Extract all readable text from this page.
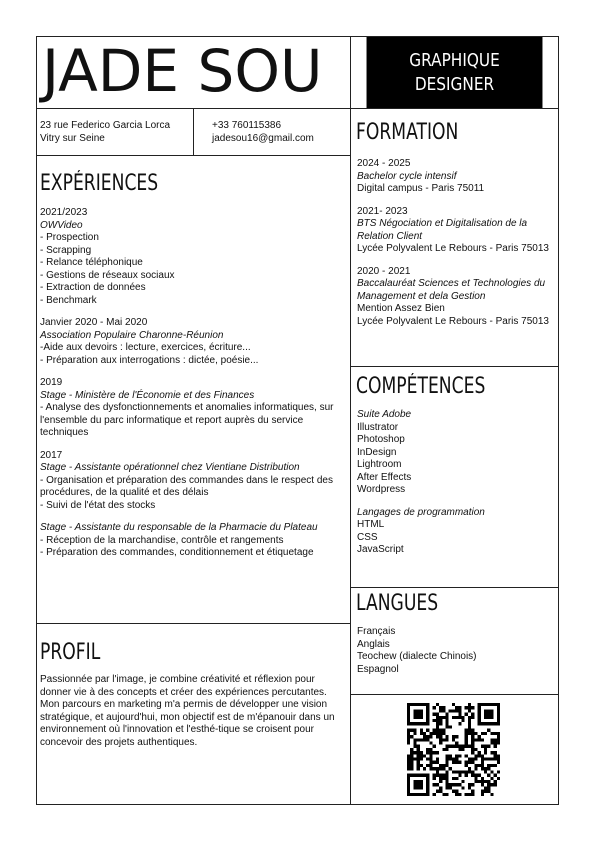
JADE SOU	GRAPHIQUE
DESIGNER
23 rue Federico Garcia Lorca
Vitry sur Seine
+33 760115386
jadesou16@gmail.com
EXPÉRIENCES

2021/2023

OWVideo

- Prospection

- Scrapping

- Relance téléphonique

- Gestions de réseaux sociaux

- Extraction de données

- Benchmark

Janvier 2020 - Mai 2020

Association Populaire Charonne-Réunion

-Aide aux devoirs : lecture, exercices, écriture...

- Préparation aux interrogations : dictée, poésie...

2019

Stage - Ministère de l'Économie et des Finances

- Analyse des dysfonctionnements et anomalies informatiques, sur l'ensemble du parc informatique et report auprès du service techniques

2017

Stage - Assistante opérationnel chez Vientiane Distribution

- Organisation et préparation des commandes dans le respect des

procédures, de la qualité et des délais

- Suivi de l'état des stocks

Stage - Assistante du responsable de la Pharmacie du Plateau

- Réception de la marchandise, contrôle et rangements

- Préparation des commandes, conditionnement et étiquetage

PROFIL
Passionnée par l'image, je combine créativité et réflexion pour donner vie à des concepts et créer des expériences percutantes. Mon parcours en marketing m'a permis de développer une vision stratégique, et aujourd'hui, mon objectif est de m'épanouir dans un environnement où l'innovation et l'esthé-tique se croisent pour concevoir des projets authentiques.
FORMATION

2024 - 2025

Bachelor cycle intensif

Digital campus - Paris 75011

2021- 2023

BTS Négociation et Digitalisation de la Relation Client

Lycée Polyvalent Le Rebours - Paris 75013

2020 - 2021

Baccalauréat Sciences et Technologies du Management et dela Gestion

Mention Assez Bien

Lycée Polyvalent Le Rebours - Paris 75013

COMPÉTENCES

Suite Adobe

Illustrator

Photoshop

InDesign

Lightroom

After Effects

Wordpress

Langages de programmation

HTML

CSS

JavaScript

LANGUES

Français

Anglais

Teochew (dialecte Chinois)

Espagnol
